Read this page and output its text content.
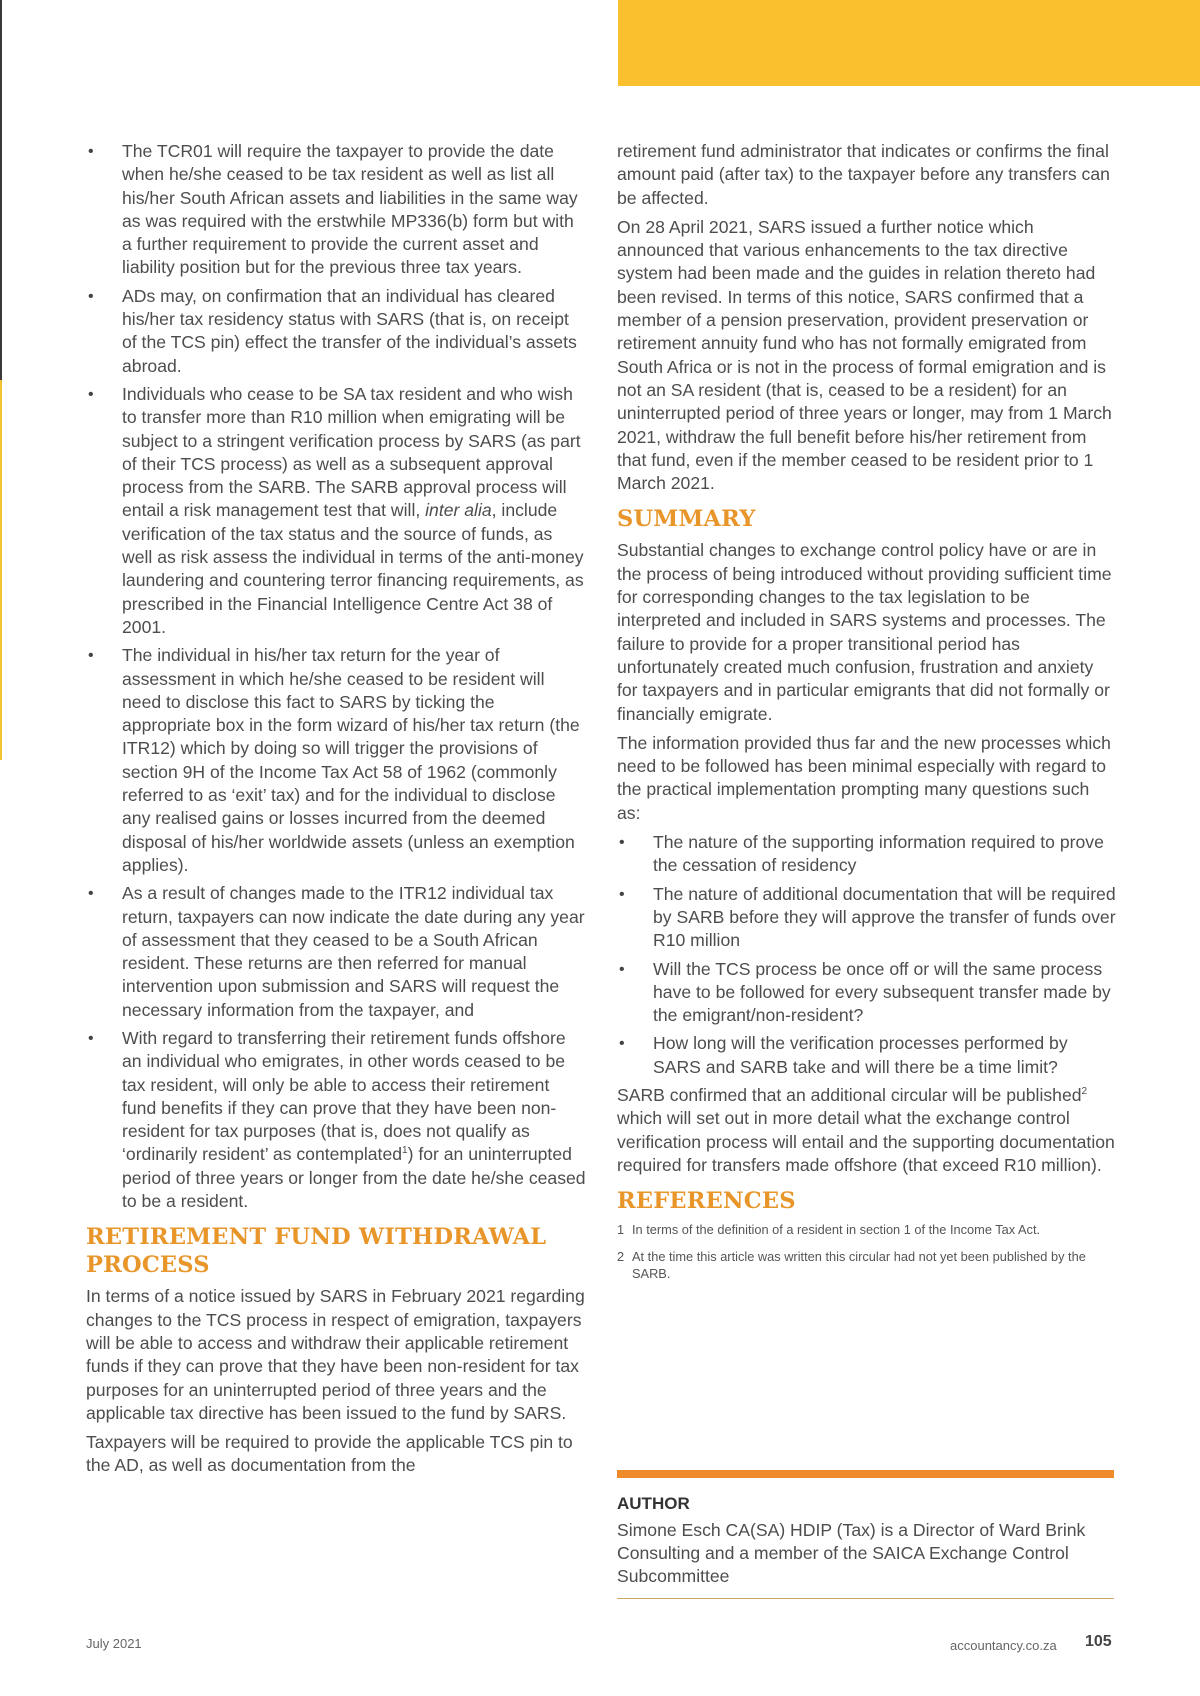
• The TCR01 will require the taxpayer to provide the date when he/she ceased to be tax resident as well as list all his/her South African assets and liabilities in the same way as was required with the erstwhile MP336(b) form but with a further requirement to provide the current asset and liability position but for the previous three tax years.
• ADs may, on confirmation that an individual has cleared his/her tax residency status with SARS (that is, on receipt of the TCS pin) effect the transfer of the individual’s assets abroad.
• Individuals who cease to be SA tax resident and who wish to transfer more than R10 million when emigrating will be subject to a stringent verification process by SARS (as part of their TCS process) as well as a subsequent approval process from the SARB. The SARB approval process will entail a risk management test that will, inter alia, include verification of the tax status and the source of funds, as well as risk assess the individual in terms of the anti-money laundering and countering terror financing requirements, as prescribed in the Financial Intelligence Centre Act 38 of 2001.
• The individual in his/her tax return for the year of assessment in which he/she ceased to be resident will need to disclose this fact to SARS by ticking the appropriate box in the form wizard of his/her tax return (the ITR12) which by doing so will trigger the provisions of section 9H of the Income Tax Act 58 of 1962 (commonly referred to as ‘exit’ tax) and for the individual to disclose any realised gains or losses incurred from the deemed disposal of his/her worldwide assets (unless an exemption applies).
• As a result of changes made to the ITR12 individual tax return, taxpayers can now indicate the date during any year of assessment that they ceased to be a South African resident. These returns are then referred for manual intervention upon submission and SARS will request the necessary information from the taxpayer, and
• With regard to transferring their retirement funds offshore an individual who emigrates, in other words ceased to be tax resident, will only be able to access their retirement fund benefits if they can prove that they have been non-resident for tax purposes (that is, does not qualify as ‘ordinarily resident’ as contemplated$^1$) for an uninterrupted period of three years or longer from the date he/she ceased to be a resident.
RETIREMENT FUND WITHDRAWAL PROCESS

In terms of a notice issued by SARS in February 2021 regarding changes to the TCS process in respect of emigration, taxpayers will be able to access and withdraw their applicable retirement funds if they can prove that they have been non-resident for tax purposes for an uninterrupted period of three years and the applicable tax directive has been issued to the fund by SARS.

Taxpayers will be required to provide the applicable TCS pin to the AD, as well as documentation from the

retirement fund administrator that indicates or confirms the final amount paid (after tax) to the taxpayer before any transfers can be affected.

On 28 April 2021, SARS issued a further notice which announced that various enhancements to the tax directive system had been made and the guides in relation thereto had been revised. In terms of this notice, SARS confirmed that a member of a pension preservation, provident preservation or retirement annuity fund who has not formally emigrated from South Africa or is not in the process of formal emigration and is not an SA resident (that is, ceased to be a resident) for an uninterrupted period of three years or longer, may from 1 March 2021, withdraw the full benefit before his/her retirement from that fund, even if the member ceased to be resident prior to 1 March 2021.

SUMMARY

Substantial changes to exchange control policy have or are in the process of being introduced without providing sufficient time for corresponding changes to the tax legislation to be interpreted and included in SARS systems and processes. The failure to provide for a proper transitional period has unfortunately created much confusion, frustration and anxiety for taxpayers and in particular emigrants that did not formally or financially emigrate.

The information provided thus far and the new processes which need to be followed has been minimal especially with regard to the practical implementation prompting many questions such as:

• The nature of the supporting information required to prove the cessation of residency
• The nature of additional documentation that will be required by SARB before they will approve the transfer of funds over R10 million
• Will the TCS process be once off or will the same process have to be followed for every subsequent transfer made by the emigrant/non-resident?
• How long will the verification processes performed by SARS and SARB take and will there be a time limit?

SARB confirmed that an additional circular will be published$^2$ which will set out in more detail what the exchange control verification process will entail and the supporting documentation required for transfers made offshore (that exceed R10 million).

REFERENCES
1 In terms of the definition of a resident in section 1 of the Income Tax Act.
2 At the time this article was written this circular had not yet been published by the SARB.
AUTHOR
Simone Esch CA(SA) HDIP (Tax) is a Director of Ward Brink Consulting and a member of the SAICA Exchange Control Subcommittee
July 2021	accountancy.co.za 105
